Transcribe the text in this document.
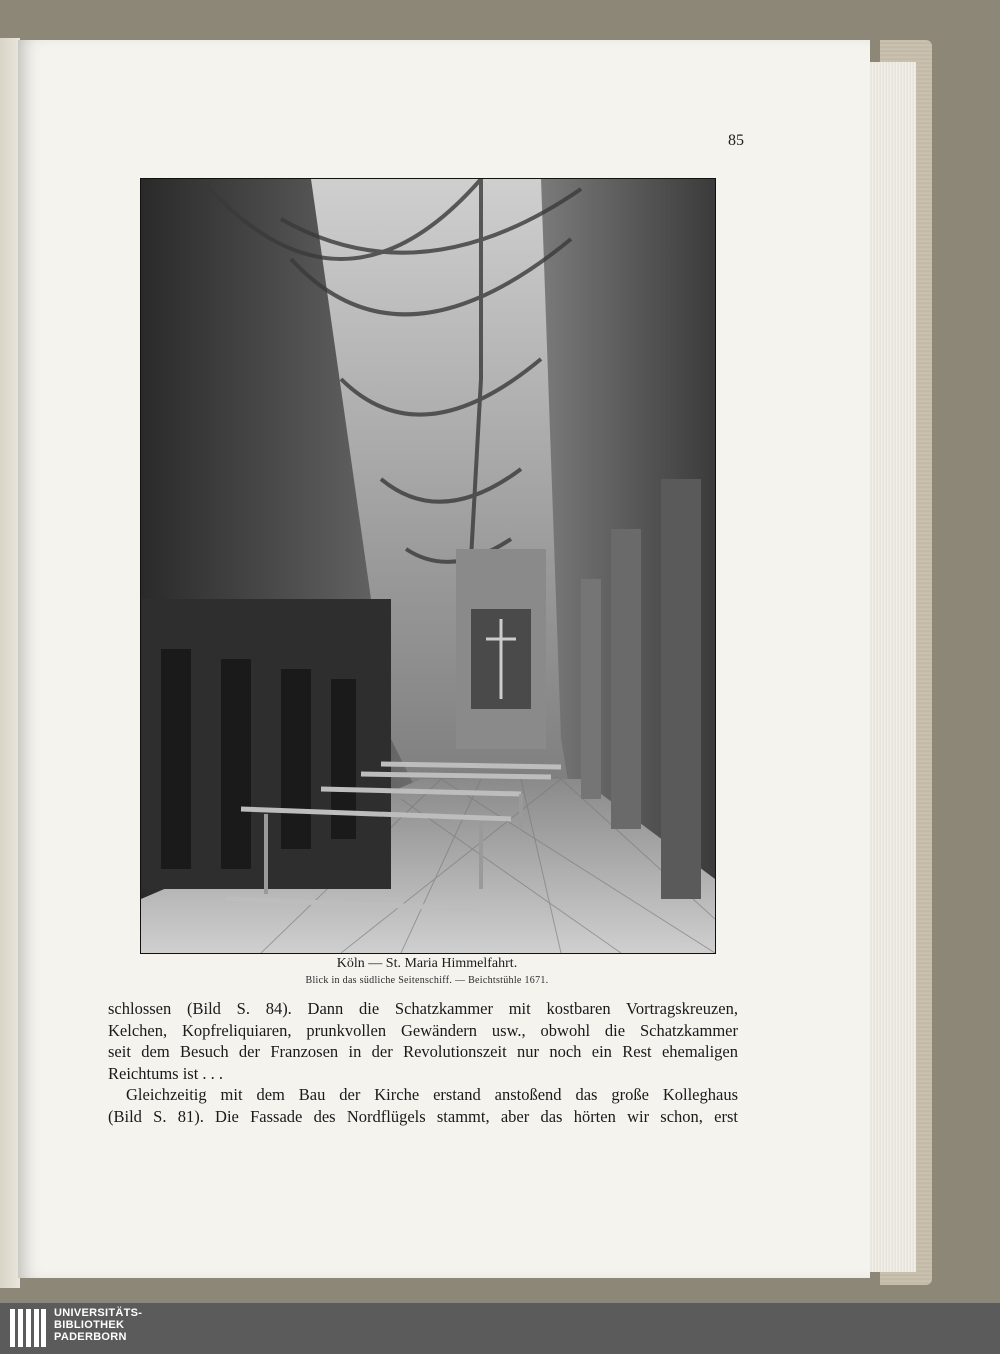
85
Köln — St. Maria Himmelfahrt.
Blick in das südliche Seitenschiff. — Beichtstühle 1671.

schlossen (Bild S. 84). Dann die Schatzkammer mit kostbaren Vortragskreuzen,
Kelchen, Kopfreliquiaren, prunkvollen Gewändern usw., obwohl die Schatzkammer
seit dem Besuch der Franzosen in der Revolutionszeit nur noch ein Rest ehemaligen
Reichtums ist . . .

Gleichzeitig mit dem Bau der Kirche erstand anstoßend das große Kolleghaus
(Bild S. 81). Die Fassade des Nordflügels stammt, aber das hörten wir schon, erst

UNIVERSITÄTS-
BIBLIOTHEK
PADERBORN
